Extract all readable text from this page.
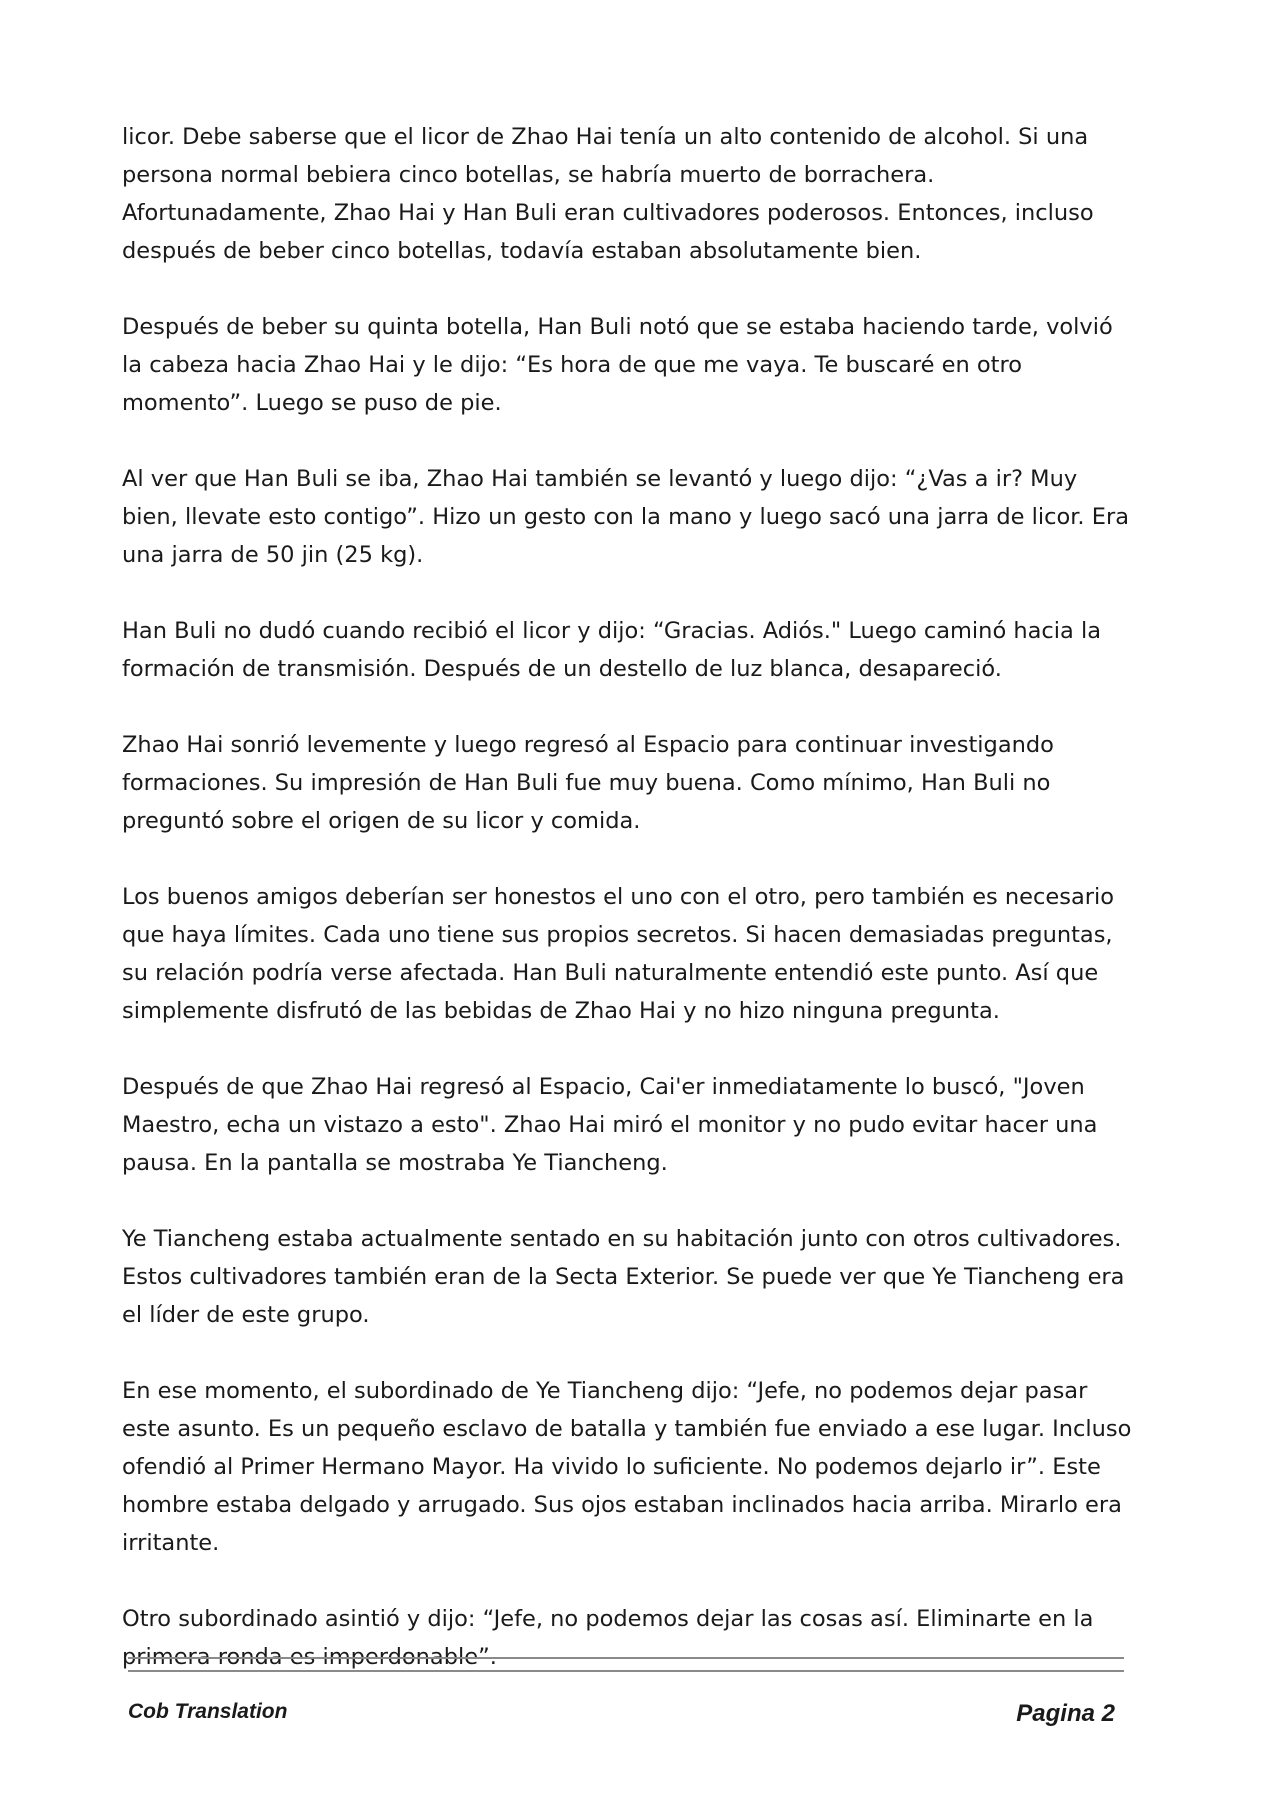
licor. Debe saberse que el licor de Zhao Hai tenía un alto contenido de alcohol. Si una persona normal bebiera cinco botellas, se habría muerto de borrachera. Afortunadamente, Zhao Hai y Han Buli eran cultivadores poderosos. Entonces, incluso después de beber cinco botellas, todavía estaban absolutamente bien.

Después de beber su quinta botella, Han Buli notó que se estaba haciendo tarde, volvió la cabeza hacia Zhao Hai y le dijo: “Es hora de que me vaya. Te buscaré en otro momento”. Luego se puso de pie.

Al ver que Han Buli se iba, Zhao Hai también se levantó y luego dijo: “¿Vas a ir? Muy bien, llevate esto contigo”. Hizo un gesto con la mano y luego sacó una jarra de licor. Era una jarra de 50 jin (25 kg).

Han Buli no dudó cuando recibió el licor y dijo: “Gracias. Adiós." Luego caminó hacia la formación de transmisión. Después de un destello de luz blanca, desapareció.

Zhao Hai sonrió levemente y luego regresó al Espacio para continuar investigando formaciones. Su impresión de Han Buli fue muy buena. Como mínimo, Han Buli no preguntó sobre el origen de su licor y comida.

Los buenos amigos deberían ser honestos el uno con el otro, pero también es necesario que haya límites. Cada uno tiene sus propios secretos. Si hacen demasiadas preguntas, su relación podría verse afectada. Han Buli naturalmente entendió este punto. Así que simplemente disfrutó de las bebidas de Zhao Hai y no hizo ninguna pregunta.

Después de que Zhao Hai regresó al Espacio, Cai'er inmediatamente lo buscó, "Joven Maestro, echa un vistazo a esto". Zhao Hai miró el monitor y no pudo evitar hacer una pausa. En la pantalla se mostraba Ye Tiancheng.

Ye Tiancheng estaba actualmente sentado en su habitación junto con otros cultivadores. Estos cultivadores también eran de la Secta Exterior. Se puede ver que Ye Tiancheng era el líder de este grupo.

En ese momento, el subordinado de Ye Tiancheng dijo: “Jefe, no podemos dejar pasar este asunto. Es un pequeño esclavo de batalla y también fue enviado a ese lugar. Incluso ofendió al Primer Hermano Mayor. Ha vivido lo suficiente. No podemos dejarlo ir”. Este hombre estaba delgado y arrugado. Sus ojos estaban inclinados hacia arriba. Mirarlo era irritante.

Otro subordinado asintió y dijo: “Jefe, no podemos dejar las cosas así. Eliminarte en la primera ronda es imperdonable”.

Cob Translation	Pagina 2
